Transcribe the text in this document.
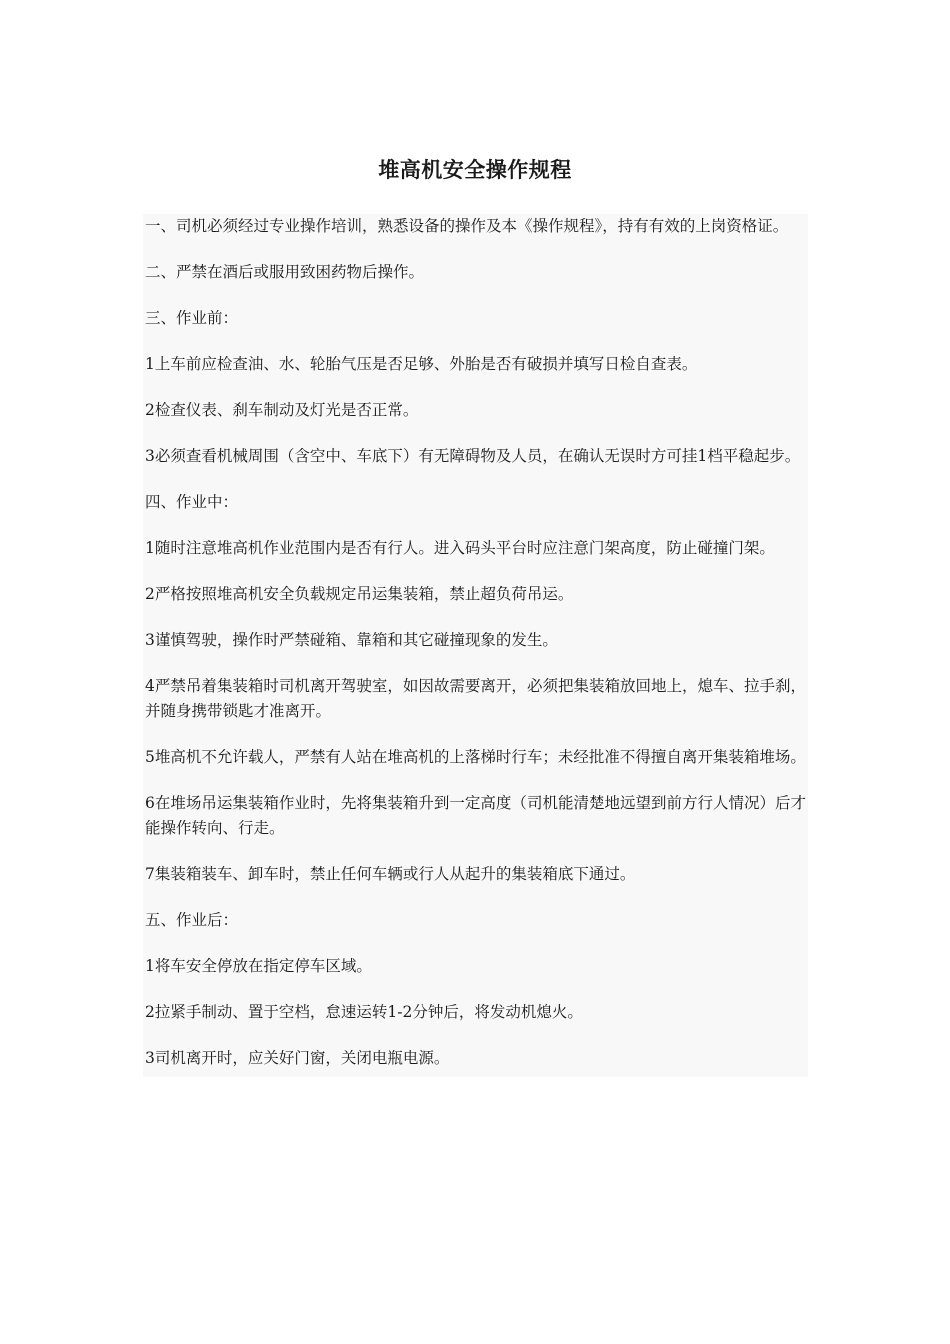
堆高机安全操作规程

一、司机必须经过专业操作培训，熟悉设备的操作及本《操作规程》，持有有效的上岗资格证。

二、严禁在酒后或服用致困药物后操作。

三、作业前：

1上车前应检查油、水、轮胎气压是否足够、外胎是否有破损并填写日检自查表。

2检查仪表、刹车制动及灯光是否正常。

3必须查看机械周围（含空中、车底下）有无障碍物及人员，在确认无误时方可挂1档平稳起步。

四、作业中：

1随时注意堆高机作业范围内是否有行人。进入码头平台时应注意门架高度，防止碰撞门架。

2严格按照堆高机安全负载规定吊运集装箱，禁止超负荷吊运。

3谨慎驾驶，操作时严禁碰箱、靠箱和其它碰撞现象的发生。

4严禁吊着集装箱时司机离开驾驶室，如因故需要离开，必须把集装箱放回地上，熄车、拉手刹，并随身携带锁匙才准离开。

5堆高机不允许载人，严禁有人站在堆高机的上落梯时行车；未经批准不得擅自离开集装箱堆场。

6在堆场吊运集装箱作业时，先将集装箱升到一定高度（司机能清楚地远望到前方行人情况）后才能操作转向、行走。

7集装箱装车、卸车时，禁止任何车辆或行人从起升的集装箱底下通过。

五、作业后：

1将车安全停放在指定停车区域。

2拉紧手制动、置于空档，怠速运转1-2分钟后，将发动机熄火。

3司机离开时，应关好门窗，关闭电瓶电源。
